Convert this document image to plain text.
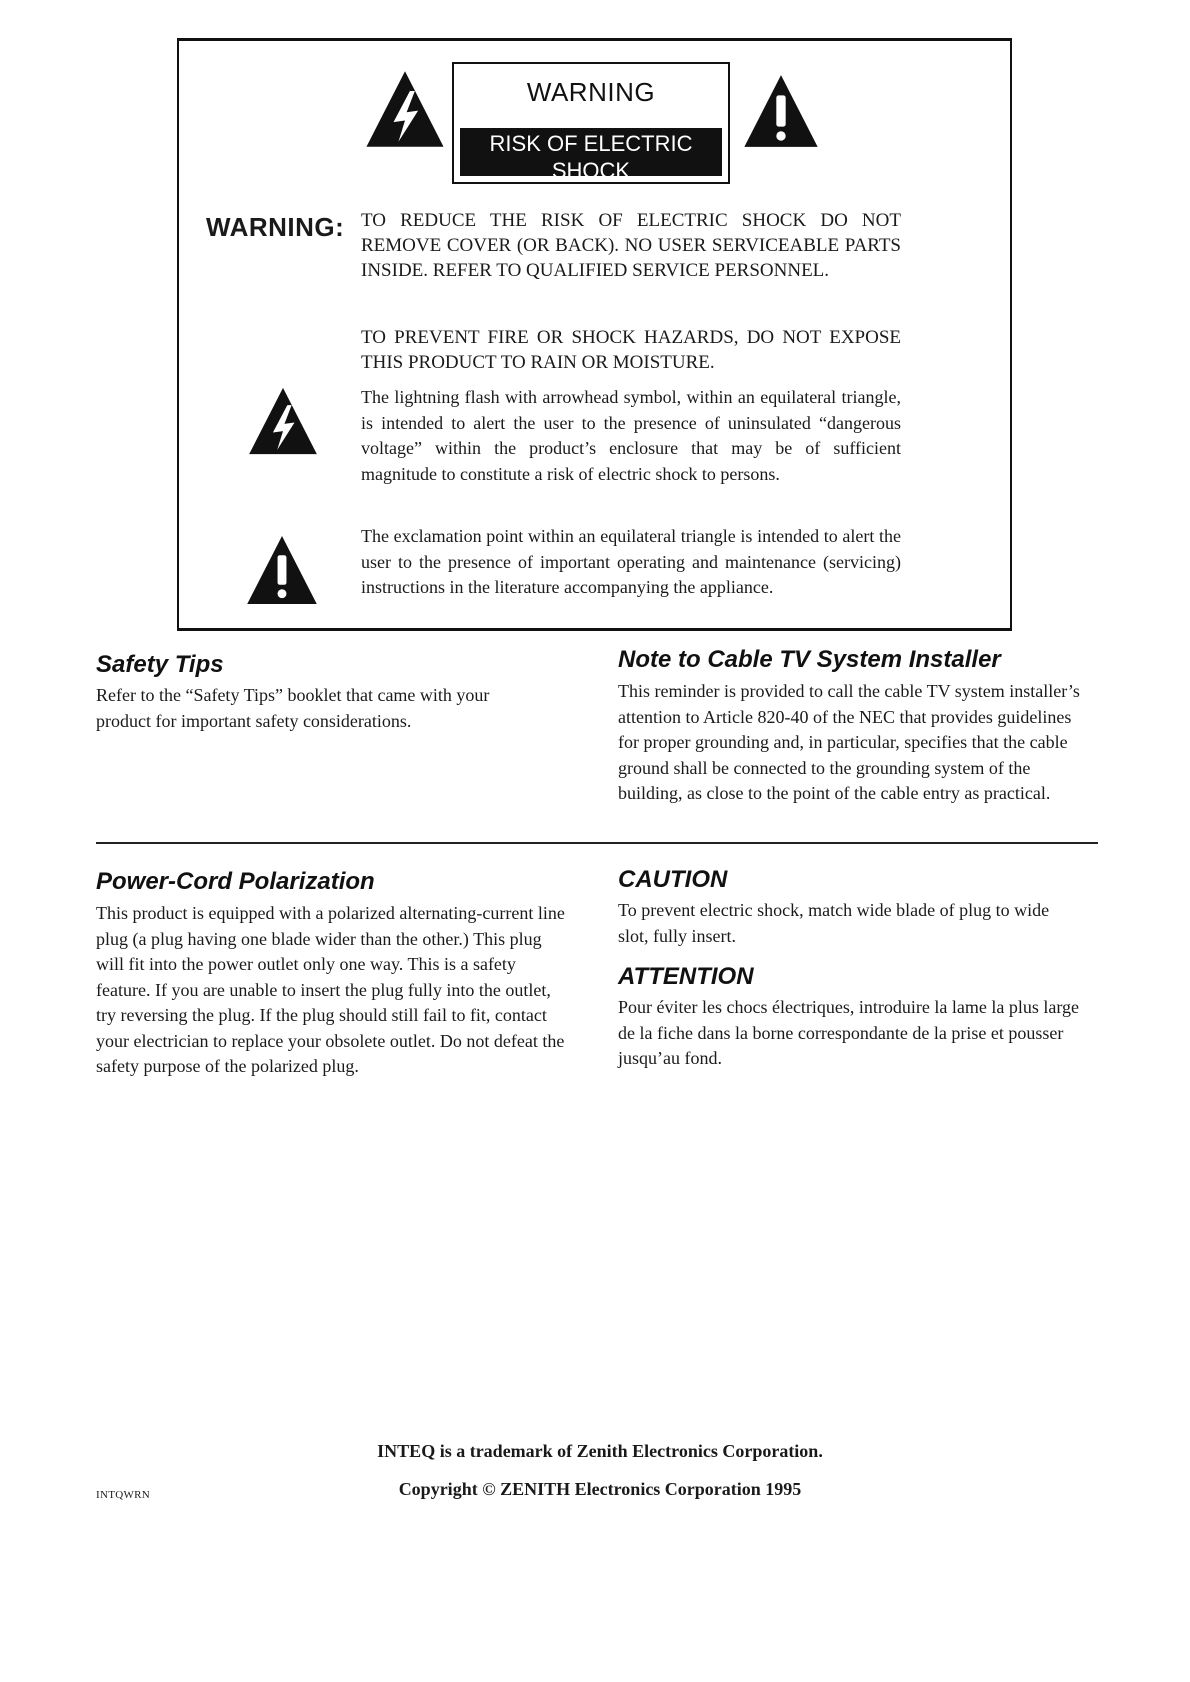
WARNING
RISK OF ELECTRIC SHOCK
DO NOT OPEN
WARNING: TO REDUCE THE RISK OF ELECTRIC SHOCK DO NOT REMOVE COVER (OR BACK). NO USER SERVICEABLE PARTS INSIDE. REFER TO QUALIFIED SERVICE PERSONNEL.
TO PREVENT FIRE OR SHOCK HAZARDS, DO NOT EXPOSE THIS PRODUCT TO RAIN OR MOISTURE.
The lightning flash with arrowhead symbol, within an equilateral triangle, is intended to alert the user to the presence of uninsulated “dangerous voltage” within the product’s enclosure that may be of sufficient magnitude to constitute a risk of electric shock to persons.
The exclamation point within an equilateral triangle is intended to alert the user to the presence of important operating and maintenance (servicing) instructions in the literature accompanying the appliance.
Safety Tips
Refer to the “Safety Tips” booklet that came with your product for important safety considerations.
Note to Cable TV System Installer
This reminder is provided to call the cable TV system installer’s attention to Article 820-40 of the NEC that provides guidelines for proper grounding and, in particular, specifies that the cable ground shall be connected to the grounding system of the building, as close to the point of the cable entry as practical.
Power-Cord Polarization
This product is equipped with a polarized alternating-current line plug (a plug having one blade wider than the other.) This plug will fit into the power outlet only one way. This is a safety feature. If you are unable to insert the plug fully into the outlet, try reversing the plug. If the plug should still fail to fit, contact your electrician to replace your obsolete outlet. Do not defeat the safety purpose of the polarized plug.
CAUTION
To prevent electric shock, match wide blade of plug to wide slot, fully insert.
ATTENTION
Pour éviter les chocs électriques, introduire la lame la plus large de la fiche dans la borne correspondante de la prise et pousser jusqu’au fond.
INTEQ is a trademark of Zenith Electronics Corporation.
Copyright © ZENITH Electronics Corporation 1995
INTQWRN
